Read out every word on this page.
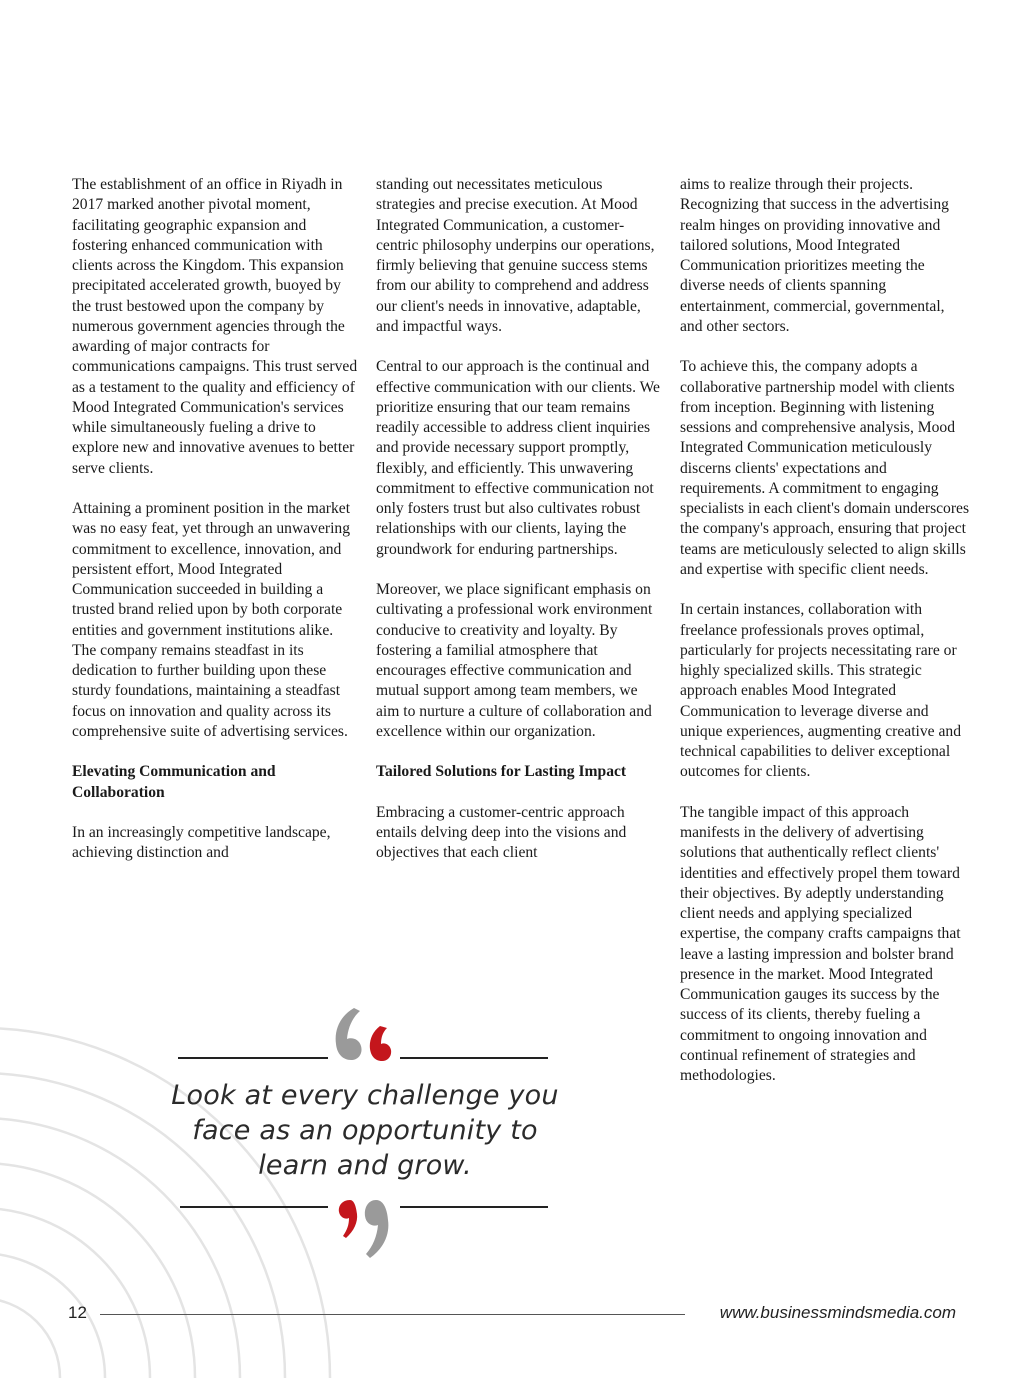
The establishment of an office in Riyadh in 2017 marked another pivotal moment, facilitating geographic expansion and fostering enhanced communication with clients across the Kingdom. This expansion precipitated accelerated growth, buoyed by the trust bestowed upon the company by numerous government agencies through the awarding of major contracts for communications campaigns. This trust served as a testament to the quality and efficiency of Mood Integrated Communication's services while simultaneously fueling a drive to explore new and innovative avenues to better serve clients.

Attaining a prominent position in the market was no easy feat, yet through an unwavering commitment to excellence, innovation, and persistent effort, Mood Integrated Communication succeeded in building a trusted brand relied upon by both corporate entities and government institutions alike. The company remains steadfast in its dedication to further building upon these sturdy foundations, maintaining a steadfast focus on innovation and quality across its comprehensive suite of advertising services.

Elevating Communication and Collaboration

In an increasingly competitive landscape, achieving distinction and

standing out necessitates meticulous strategies and precise execution. At Mood Integrated Communication, a customer-centric philosophy underpins our operations, firmly believing that genuine success stems from our ability to comprehend and address our client's needs in innovative, adaptable, and impactful ways.

Central to our approach is the continual and effective communication with our clients. We prioritize ensuring that our team remains readily accessible to address client inquiries and provide necessary support promptly, flexibly, and efficiently. This unwavering commitment to effective communication not only fosters trust but also cultivates robust relationships with our clients, laying the groundwork for enduring partnerships.

Moreover, we place significant emphasis on cultivating a professional work environment conducive to creativity and loyalty. By fostering a familial atmosphere that encourages effective communication and mutual support among team members, we aim to nurture a culture of collaboration and excellence within our organization.

Tailored Solutions for Lasting Impact

Embracing a customer-centric approach entails delving deep into the visions and objectives that each client

aims to realize through their projects. Recognizing that success in the advertising realm hinges on providing innovative and tailored solutions, Mood Integrated Communication prioritizes meeting the diverse needs of clients spanning entertainment, commercial, governmental, and other sectors.

To achieve this, the company adopts a collaborative partnership model with clients from inception. Beginning with listening sessions and comprehensive analysis, Mood Integrated Communication meticulously discerns clients' expectations and requirements. A commitment to engaging specialists in each client's domain underscores the company's approach, ensuring that project teams are meticulously selected to align skills and expertise with specific client needs.

In certain instances, collaboration with freelance professionals proves optimal, particularly for projects necessitating rare or highly specialized skills. This strategic approach enables Mood Integrated Communication to leverage diverse and unique experiences, augmenting creative and technical capabilities to deliver exceptional outcomes for clients.

The tangible impact of this approach manifests in the delivery of advertising solutions that authentically reflect clients' identities and effectively propel them toward their objectives. By adeptly understanding client needs and applying specialized expertise, the company crafts campaigns that leave a lasting impression and bolster brand presence in the market. Mood Integrated Communication gauges its success by the success of its clients, thereby fueling a commitment to ongoing innovation and continual refinement of strategies and methodologies.

Look at every challenge you
face as an opportunity to
learn and grow.
12	www.businessmindsmedia.com
